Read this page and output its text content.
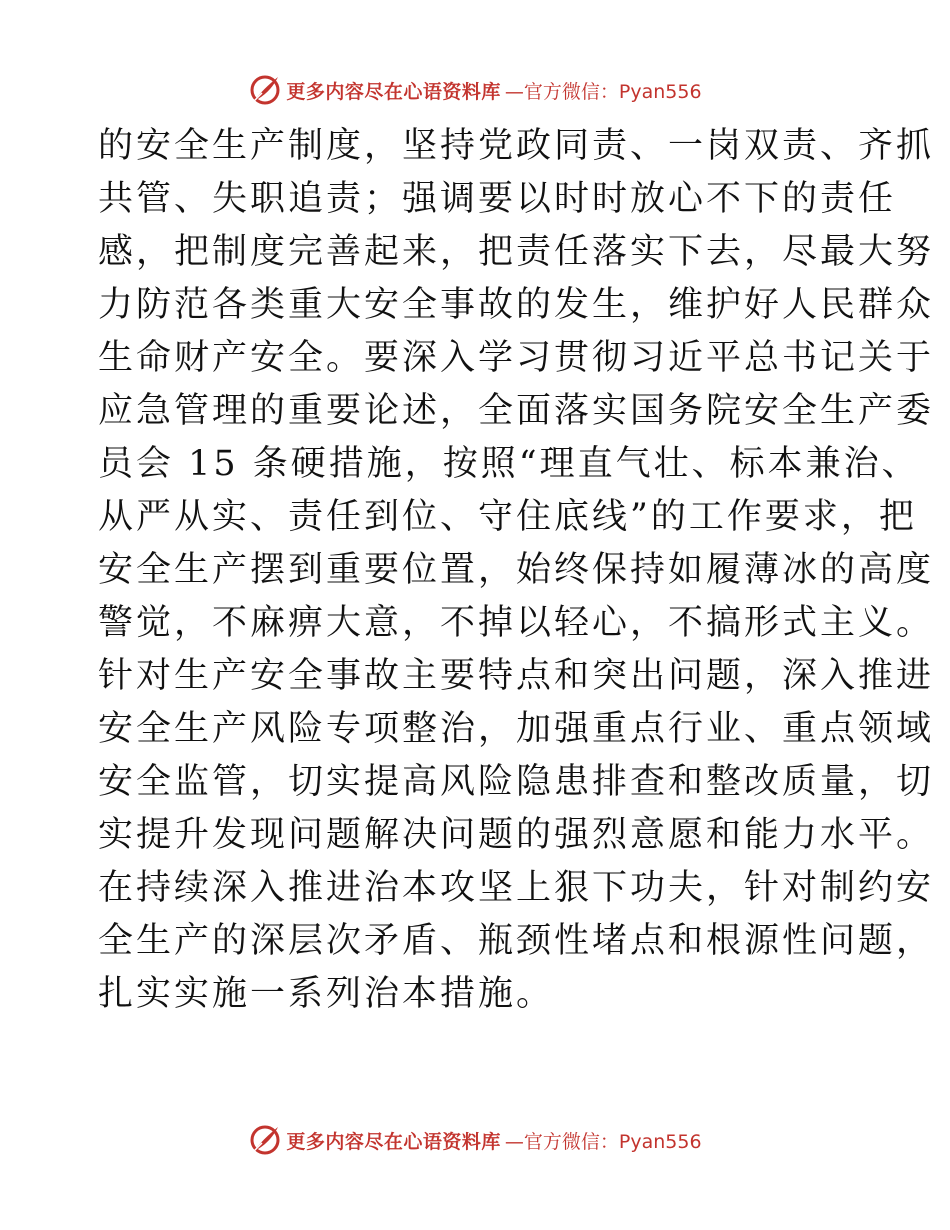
更多内容尽在心语资料库 —官方微信：Pyan556
的安全生产制度，坚持党政同责、一岗双责、齐抓
共管、失职追责；强调要以时时放心不下的责任
感，把制度完善起来，把责任落实下去，尽最大努
力防范各类重大安全事故的发生，维护好人民群众
生命财产安全。要深入学习贯彻习近平总书记关于
应急管理的重要论述，全面落实国务院安全生产委
员会 15 条硬措施，按照“理直气壮、标本兼治、
从严从实、责任到位、守住底线”的工作要求，把
安全生产摆到重要位置，始终保持如履薄冰的高度
警觉，不麻痹大意，不掉以轻心，不搞形式主义。
针对生产安全事故主要特点和突出问题，深入推进
安全生产风险专项整治，加强重点行业、重点领域
安全监管，切实提高风险隐患排查和整改质量，切
实提升发现问题解决问题的强烈意愿和能力水平。
在持续深入推进治本攻坚上狠下功夫，针对制约安
全生产的深层次矛盾、瓶颈性堵点和根源性问题，
扎实实施一系列治本措施。
更多内容尽在心语资料库 —官方微信：Pyan556
